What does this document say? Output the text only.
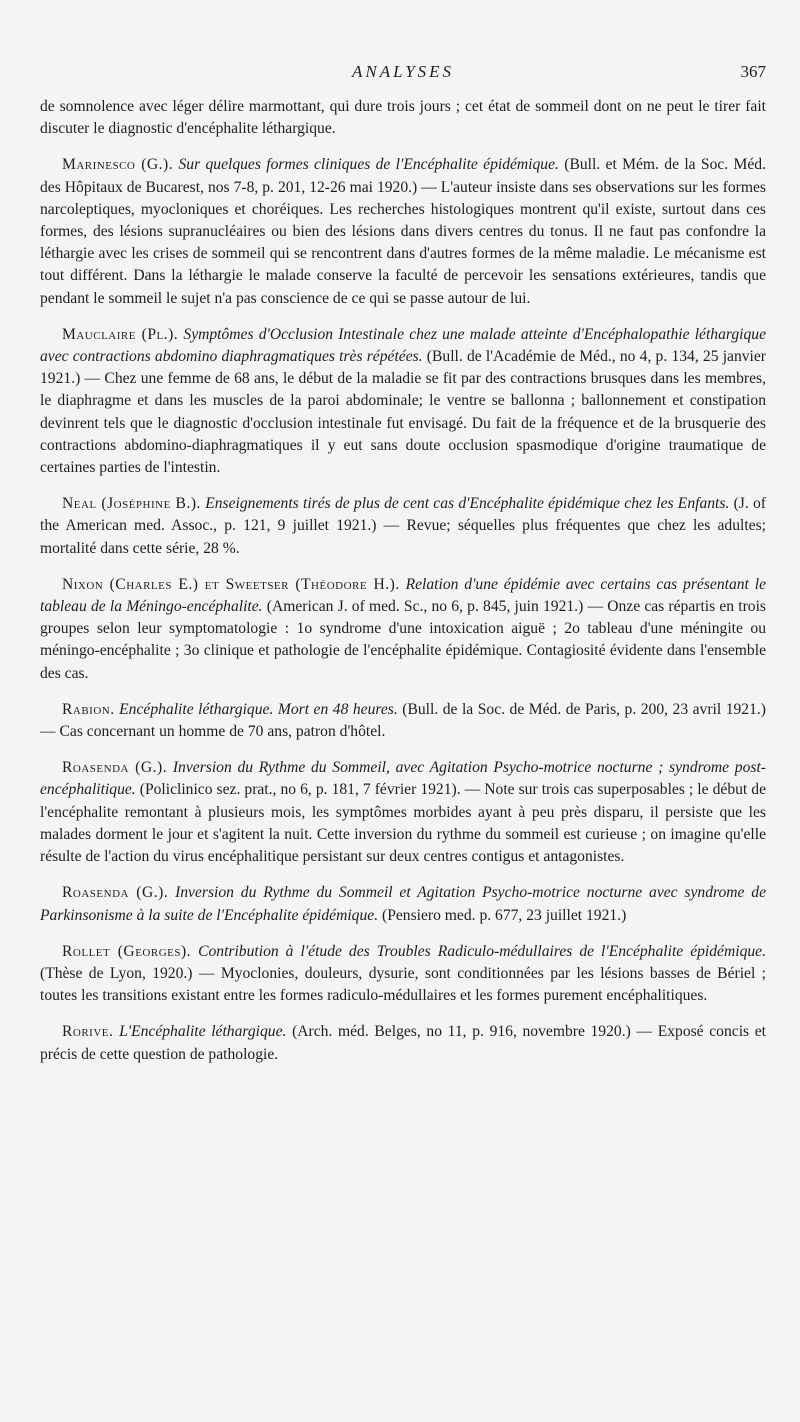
ANALYSES	367

de somnolence avec léger délire marmottant, qui dure trois jours ; cet état de sommeil dont on ne peut le tirer fait discuter le diagnostic d'encéphalite léthargique.

Marinesco (G.). Sur quelques formes cliniques de l'Encéphalite épidémique. (Bull. et Mém. de la Soc. Méd. des Hôpitaux de Bucarest, nos 7-8, p. 201, 12-26 mai 1920.) — L'auteur insiste dans ses observations sur les formes narcoleptiques, myocloniques et choréiques. Les recherches histologiques montrent qu'il existe, surtout dans ces formes, des lésions supranucléaires ou bien des lésions dans divers centres du tonus. Il ne faut pas confondre la léthargie avec les crises de sommeil qui se rencontrent dans d'autres formes de la même maladie. Le mécanisme est tout différent. Dans la léthargie le malade conserve la faculté de percevoir les sensations extérieures, tandis que pendant le sommeil le sujet n'a pas conscience de ce qui se passe autour de lui.

Mauclaire (Pl.). Symptômes d'Occlusion Intestinale chez une malade atteinte d'Encéphalopathie léthargique avec contractions abdomino diaphragmatiques très répétées. (Bull. de l'Académie de Méd., no 4, p. 134, 25 janvier 1921.) — Chez une femme de 68 ans, le début de la maladie se fit par des contractions brusques dans les membres, le diaphragme et dans les muscles de la paroi abdominale; le ventre se ballonna ; ballonnement et constipation devinrent tels que le diagnostic d'occlusion intestinale fut envisagé. Du fait de la fréquence et de la brusquerie des contractions abdomino-diaphragmatiques il y eut sans doute occlusion spasmodique d'origine traumatique de certaines parties de l'intestin.

Neal (Joséphine B.). Enseignements tirés de plus de cent cas d'Encéphalite épidémique chez les Enfants. (J. of the American med. Assoc., p. 121, 9 juillet 1921.) — Revue; séquelles plus fréquentes que chez les adultes; mortalité dans cette série, 28 %.

Nixon (Charles E.) et Sweetser (Théodore H.). Relation d'une épidémie avec certains cas présentant le tableau de la Méningo-encéphalite. (American J. of med. Sc., no 6, p. 845, juin 1921.) — Onze cas répartis en trois groupes selon leur symptomatologie : 1o syndrome d'une intoxication aiguë ; 2o tableau d'une méningite ou méningo-encéphalite ; 3o clinique et pathologie de l'encéphalite épidémique. Contagiosité évidente dans l'ensemble des cas.

Rabion. Encéphalite léthargique. Mort en 48 heures. (Bull. de la Soc. de Méd. de Paris, p. 200, 23 avril 1921.) — Cas concernant un homme de 70 ans, patron d'hôtel.

Roasenda (G.). Inversion du Rythme du Sommeil, avec Agitation Psycho-motrice nocturne ; syndrome post-encéphalitique. (Policlinico sez. prat., no 6, p. 181, 7 février 1921). — Note sur trois cas superposables ; le début de l'encéphalite remontant à plusieurs mois, les symptômes morbides ayant à peu près disparu, il persiste que les malades dorment le jour et s'agitent la nuit. Cette inversion du rythme du sommeil est curieuse ; on imagine qu'elle résulte de l'action du virus encéphalitique persistant sur deux centres contigus et antagonistes.

Roasenda (G.). Inversion du Rythme du Sommeil et Agitation Psycho-motrice nocturne avec syndrome de Parkinsonisme à la suite de l'Encéphalite épidémique. (Pensiero med. p. 677, 23 juillet 1921.)

Rollet (Georges). Contribution à l'étude des Troubles Radiculo-médullaires de l'Encéphalite épidémique. (Thèse de Lyon, 1920.) — Myoclonies, douleurs, dysurie, sont conditionnées par les lésions basses de Bériel ; toutes les transitions existant entre les formes radiculo-médullaires et les formes purement encéphalitiques.

Rorive. L'Encéphalite léthargique. (Arch. méd. Belges, no 11, p. 916, novembre 1920.) — Exposé concis et précis de cette question de pathologie.
